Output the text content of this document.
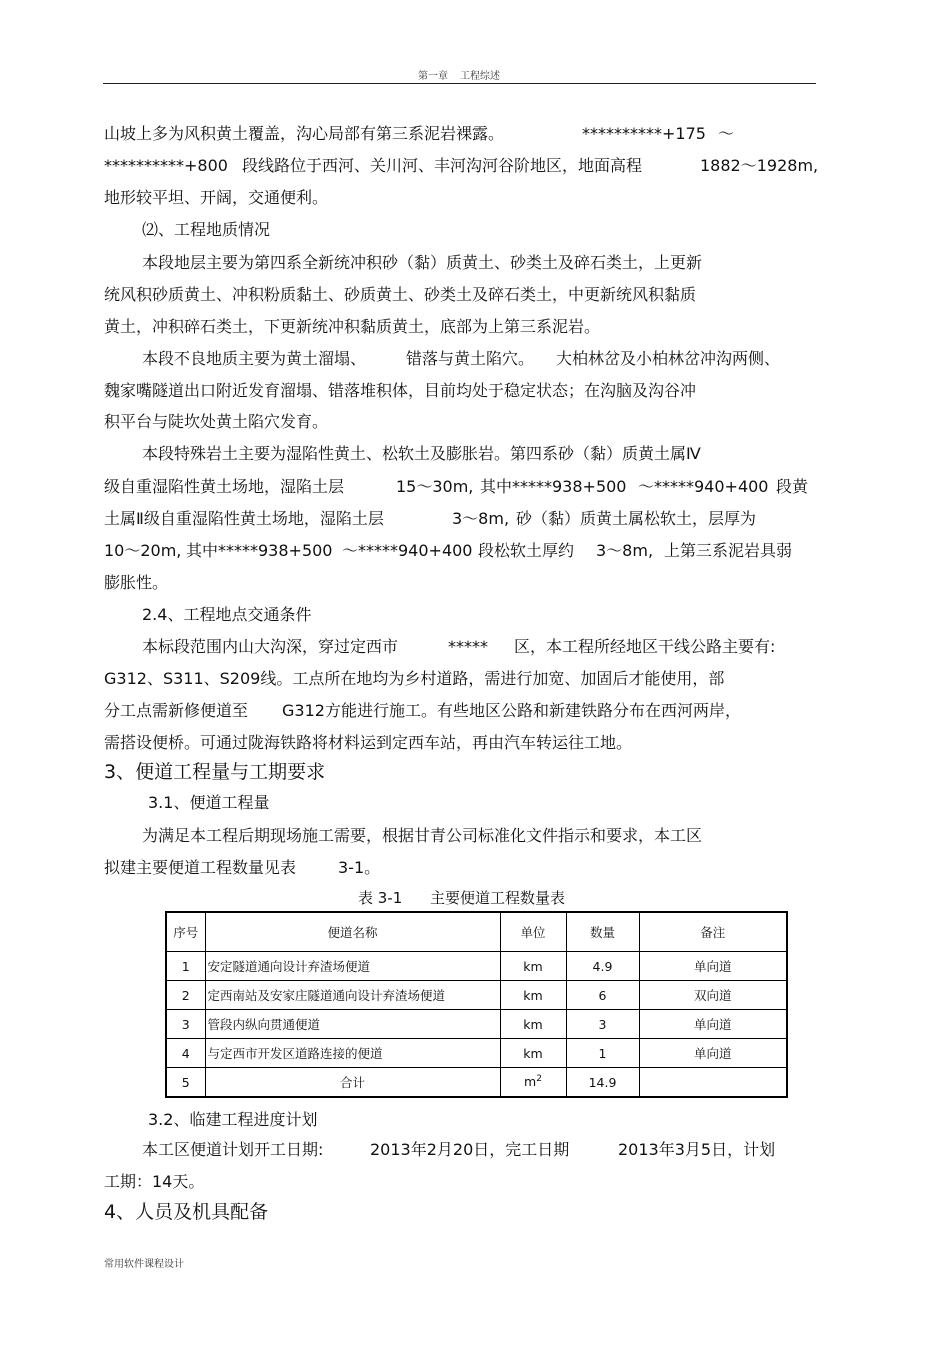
第一章 工程综述
山坡上多为风积黄土覆盖，沟心局部有第三系泥岩裸露。	**********+175 ～
**********+800 段线路位于西河、关川河、丰河沟河谷阶地区，地面高程	1882～1928m,
地形较平坦、开阔，交通便利。
⑵、工程地质情况
本段地层主要为第四系全新统冲积砂（黏）质黄土、砂类土及碎石类土，上更新
统风积砂质黄土、冲积粉质黏土、砂质黄土、砂类土及碎石类土，中更新统风积黏质
黄土，冲积碎石类土，下更新统冲积黏质黄土，底部为上第三系泥岩。
本段不良地质主要为黄土溜塌、 错落与黄土陷穴。 大柏林岔及小柏林岔冲沟两侧、
魏家嘴隧道出口附近发育溜塌、错落堆积体，目前均处于稳定状态；在沟脑及沟谷冲
积平台与陡坎处黄土陷穴发育。
本段特殊岩土主要为湿陷性黄土、松软土及膨胀岩。第四系砂（黏）质黄土属Ⅳ
级自重湿陷性黄土场地，湿陷土层	15～30m, 其中*****938+500 ～*****940+400 段黄
土属Ⅱ级自重湿陷性黄土场地，湿陷土层	3～8m, 砂（黏）质黄土属松软土，层厚为
10～20m, 其中*****938+500 ～*****940+400 段松软土厚约 3～8m, 上第三系泥岩具弱
膨胀性。
2.4、工程地点交通条件
本标段范围内山大沟深，穿过定西市	***** 区，本工程所经地区干线公路主要有:
G312、S311、S209线。工点所在地均为乡村道路，需进行加宽、加固后才能使用，部
分工点需新修便道至 G312方能进行施工。有些地区公路和新建铁路分布在西河两岸，
需搭设便桥。可通过陇海铁路将材料运到定西车站，再由汽车转运往工地。
3、便道工程量与工期要求
3.1、便道工程量
为满足本工程后期现场施工需要，根据甘青公司标准化文件指示和要求，本工区
拟建主要便道工程数量见表	3-1。
表 3-1 主要便道工程数量表
序号	便道名称	单位	数量	备注
1	安定隧道通向设计弃渣场便道	km	4.9	单向道
2	定西南站及安家庄隧道通向设计弃渣场便道	km	6	双向道
3	管段内纵向贯通便道	km	3	单向道
4	与定西市开发区道路连接的便道	km	1	单向道
5	合计	$m^2$	14.9	
3.2、临建工程进度计划
本工区便道计划开工日期:	2013年2月20日，完工日期	2013年3月5日，计划
工期：14天。
4、人员及机具配备
常用软件课程设计
